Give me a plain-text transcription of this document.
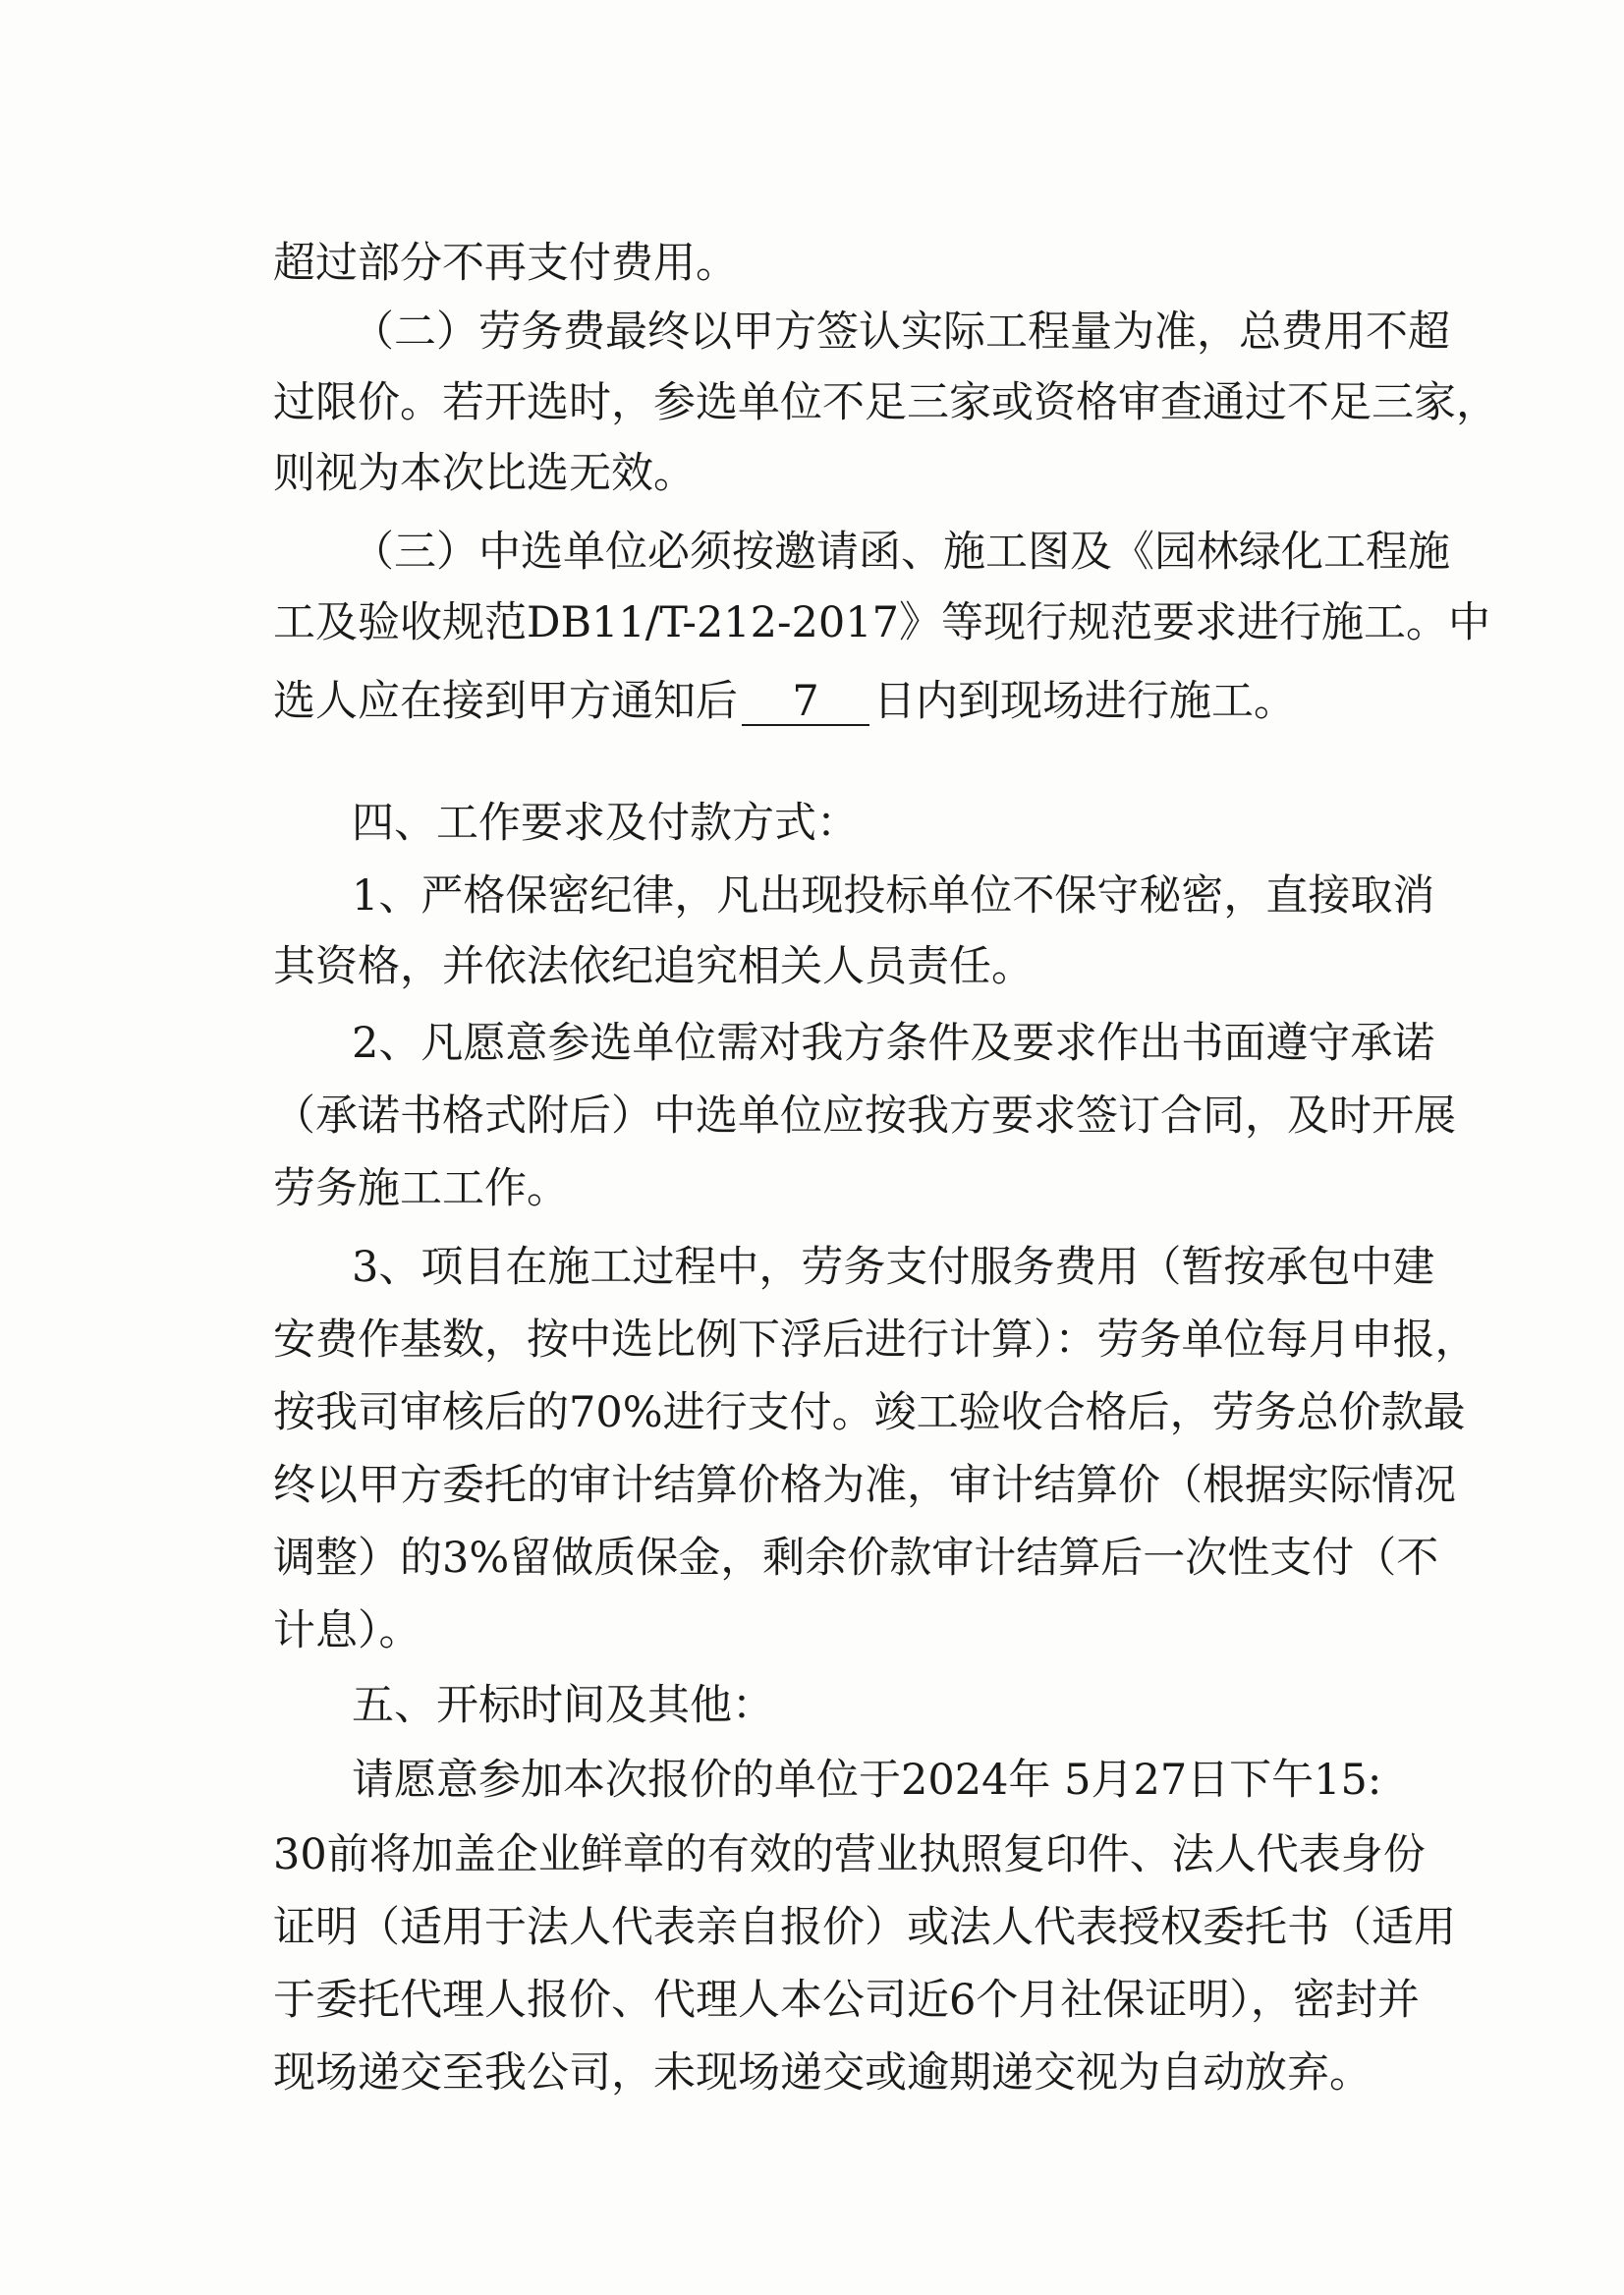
超过部分不再支付费用。
（二）劳务费最终以甲方签认实际工程量为准，总费用不超
过限价。若开选时，参选单位不足三家或资格审查通过不足三家，
则视为本次比选无效。
（三）中选单位必须按邀请函、施工图及《园林绿化工程施
工及验收规范DB11/T-212-2017》等现行规范要求进行施工。中
选人应在接到甲方通知后 7 日内到现场进行施工。
四、工作要求及付款方式：
1、严格保密纪律，凡出现投标单位不保守秘密，直接取消
其资格，并依法依纪追究相关人员责任。
2、凡愿意参选单位需对我方条件及要求作出书面遵守承诺
（承诺书格式附后）中选单位应按我方要求签订合同，及时开展
劳务施工工作。
3、项目在施工过程中，劳务支付服务费用（暂按承包中建
安费作基数，按中选比例下浮后进行计算）：劳务单位每月申报，
按我司审核后的70%进行支付。竣工验收合格后，劳务总价款最
终以甲方委托的审计结算价格为准，审计结算价（根据实际情况
调整）的3%留做质保金，剩余价款审计结算后一次性支付（不
计息）。
五、开标时间及其他：
请愿意参加本次报价的单位于2024年 5月27日下午15:
30前将加盖企业鲜章的有效的营业执照复印件、法人代表身份
证明（适用于法人代表亲自报价）或法人代表授权委托书（适用
于委托代理人报价、代理人本公司近6个月社保证明），密封并
现场递交至我公司，未现场递交或逾期递交视为自动放弃。
